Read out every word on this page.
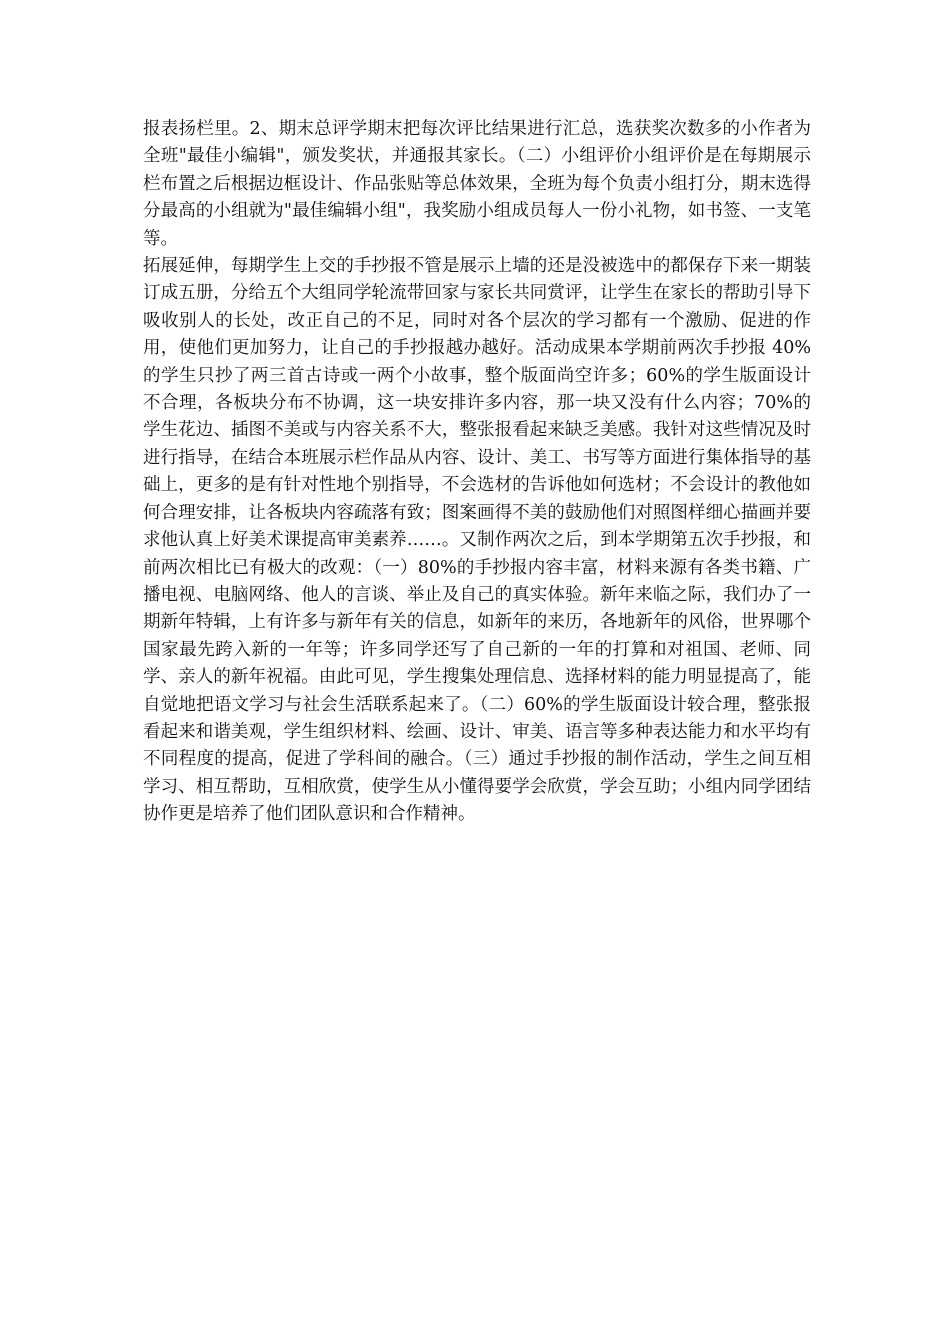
报表扬栏里。2、期末总评学期末把每次评比结果进行汇总，选获奖次数多的小作者为全班"最佳小编辑"，颁发奖状，并通报其家长。（二）小组评价小组评价是在每期展示栏布置之后根据边框设计、作品张贴等总体效果，全班为每个负责小组打分，期末选得分最高的小组就为"最佳编辑小组"，我奖励小组成员每人一份小礼物，如书签、一支笔等。

拓展延伸，每期学生上交的手抄报不管是展示上墙的还是没被选中的都保存下来一期装订成五册，分给五个大组同学轮流带回家与家长共同赏评，让学生在家长的帮助引导下吸收别人的长处，改正自己的不足，同时对各个层次的学习都有一个激励、促进的作用，使他们更加努力，让自己的手抄报越办越好。活动成果本学期前两次手抄报 40%的学生只抄了两三首古诗或一两个小故事，整个版面尚空许多；60%的学生版面设计不合理，各板块分布不协调，这一块安排许多内容，那一块又没有什么内容；70%的学生花边、插图不美或与内容关系不大，整张报看起来缺乏美感。我针对这些情况及时进行指导，在结合本班展示栏作品从内容、设计、美工、书写等方面进行集体指导的基础上，更多的是有针对性地个别指导，不会选材的告诉他如何选材；不会设计的教他如何合理安排，让各板块内容疏落有致；图案画得不美的鼓励他们对照图样细心描画并要求他认真上好美术课提高审美素养……。又制作两次之后，到本学期第五次手抄报，和前两次相比已有极大的改观：（一）80%的手抄报内容丰富，材料来源有各类书籍、广播电视、电脑网络、他人的言谈、举止及自己的真实体验。新年来临之际，我们办了一期新年特辑，上有许多与新年有关的信息，如新年的来历，各地新年的风俗，世界哪个国家最先跨入新的一年等；许多同学还写了自己新的一年的打算和对祖国、老师、同学、亲人的新年祝福。由此可见，学生搜集处理信息、选择材料的能力明显提高了，能自觉地把语文学习与社会生活联系起来了。（二）60%的学生版面设计较合理，整张报看起来和谐美观，学生组织材料、绘画、设计、审美、语言等多种表达能力和水平均有不同程度的提高，促进了学科间的融合。（三）通过手抄报的制作活动，学生之间互相学习、相互帮助，互相欣赏，使学生从小懂得要学会欣赏，学会互助；小组内同学团结协作更是培养了他们团队意识和合作精神。
